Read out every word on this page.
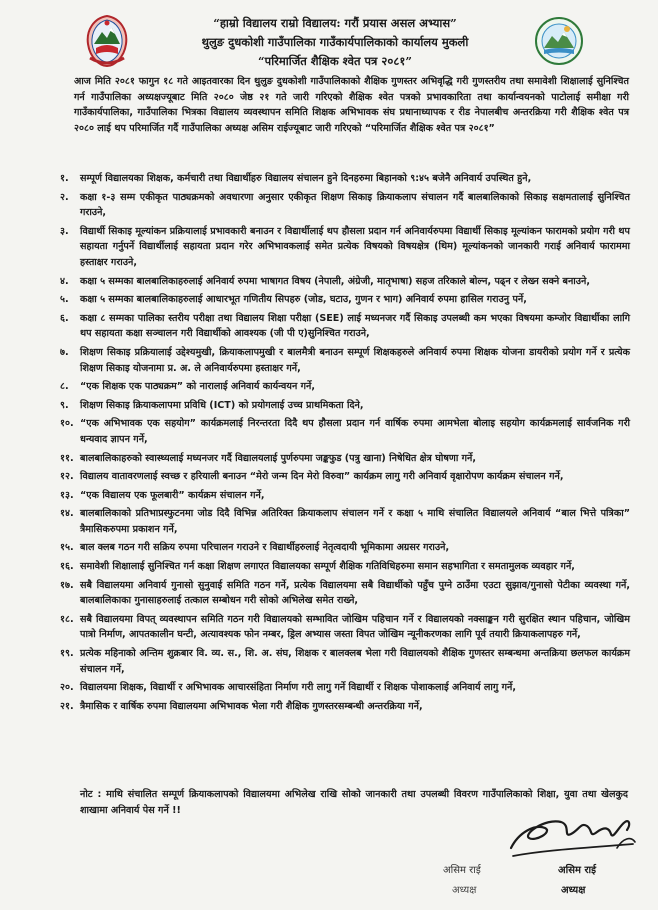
“हाम्रो विद्यालय राम्रो विद्यालय: गरौं प्रयास असल अभ्यास”
थुलुङ दुधकोशी गाउँपालिका गाउँकार्यपालिकाको कार्यालय मुकली
“परिमार्जित शैक्षिक श्वेत पत्र २०८१”
आज मिति २०८१ फागुन १८ गते आइतवारका दिन थुलुङ दुधकोशी गाउँपालिकाको शैक्षिक गुणस्तर अभिवृद्धि गरी गुणस्तरीय तथा समावेशी शिक्षालाई सुनिश्चित गर्न गाउँपालिका अध्यक्षज्यूबाट मिति २०८० जेष्ठ २१ गते जारी गरिएको शैक्षिक श्वेत पत्रको प्रभावकारिता तथा कार्यान्वयनको पाटोलाई समीक्षा गरी गाउँकार्यपालिका, गाउँपालिका भित्रका विद्यालय व्यवस्थापन समिति शिक्षक अभिभावक संघ प्रधानाध्यापक र रीड नेपालबीच अन्तरक्रिया गरी शैक्षिक श्वेत पत्र २०८० लाई थप परिमार्जित गर्दै गाउँपालिका अध्यक्ष असिम राईज्यूबाट जारी गरिएको “परिमार्जित शैक्षिक श्वेत पत्र २०८१”
१.	सम्पूर्ण विद्यालयका शिक्षक, कर्मचारी तथा विद्यार्थीहरु विद्यालय संचालन हुने दिनहरुमा बिहानको ९:४५ बजेनै अनिवार्य उपस्थित हुने,
२.	कक्षा १-३ सम्म एकीकृत पाठ्यक्रमको अवधारणा अनुसार एकीकृत शिक्षण सिकाइ क्रियाकलाप संचालन गर्दै बालबालिकाको सिकाइ सक्षमतालाई सुनिश्चित गराउने,
३.	विद्यार्थी सिकाइ मूल्यांकन प्रक्रियालाई प्रभावकारी बनाउन र विद्यार्थीलाई थप हौसला प्रदान गर्न अनिवार्यरुपमा विद्यार्थी सिकाइ मूल्यांकन फारामको प्रयोग गरी थप सहायता गर्नुपर्ने विद्यार्थीलाई सहायता प्रदान गरेर अभिभावकलाई समेत प्रत्येक विषयको विषयक्षेत्र (थिम) मूल्यांकनको जानकारी गराई अनिवार्य फाराममा हस्ताक्षर गराउने,
४.	कक्षा ५ सम्मका बालबालिकाहरुलाई अनिवार्य रुपमा भाषागत विषय (नेपाली, अंग्रेजी, मातृभाषा) सहज तरिकाले बोल्न, पढ्न र लेख्न सक्ने बनाउने,
५.	कक्षा ५ सम्मका बालबालिकाहरुलाई आधारभूत गणितीय सिपहरु (जोड, घटाउ, गुणन र भाग) अनिवार्य रुपमा हासिल गराउनु पर्ने,
६.	कक्षा ८ सम्मका पालिका स्तरीय परीक्षा तथा विद्यालय शिक्षा परीक्षा (SEE) लाई मध्यनजर गर्दै सिकाइ उपलब्धी कम भएका विषयमा कम्जोर विद्यार्थीका लागि थप सहायता कक्षा सञ्चालन गरी विद्यार्थीको आवश्यक (जी पी ए)सुनिश्चित गराउने,
७.	शिक्षण सिकाइ प्रक्रियालाई उद्देश्यमुखी, क्रियाकलापमुखी र बालमैत्री बनाउन सम्पूर्ण शिक्षकहरुले अनिवार्य रुपमा शिक्षक योजना डायरीको प्रयोग गर्ने र प्रत्येक शिक्षण सिकाइ योजनामा प्र. अ. ले अनिवार्यरुपमा हस्ताक्षर गर्ने,
८.	“एक शिक्षक एक पाठ्यक्रम” को नारालाई अनिवार्य कार्यन्वयन गर्ने,
९.	शिक्षण सिकाइ क्रियाकलापमा प्रविधि (ICT) को प्रयोगलाई उच्च प्राथमिकता दिने,
१०. “एक अभिभावक एक सहयोग” कार्यक्रमलाई निरन्तरता दिदै थप हौसला प्रदान गर्न वार्षिक रुपमा आमभेला बोलाइ सहयोग कार्यक्रमलाई सार्वजनिक गरी धन्यवाद ज्ञापन गर्ने,
११. बालबालिकाहरुको स्वास्थ्यलाई मध्यनजर गर्दै विद्यालयलाई पुर्णरुपमा जङ्कफुड (पत्रु खाना) निषेधित क्षेत्र घोषणा गर्ने,
१२. विद्यालय वातावरणलाई स्वच्छ र हरियाली बनाउन “मेरो जन्म दिन मेरो विरुवा” कार्यक्रम लागु गरी अनिवार्य वृक्षारोपण कार्यक्रम संचालन गर्ने,
१३. “एक विद्यालय एक फूलबारी” कार्यक्रम संचालन गर्ने,
१४. बालबालिकाको प्रतिभाप्रस्फुटनमा जोड दिदै विभिन्न अतिरिक्त क्रियाकलाप संचालन गर्ने र कक्षा ५ माथि संचालित विद्यालयले अनिवार्य “बाल भित्ते पत्रिका” त्रैमासिकरुपमा प्रकाशन गर्ने,
१५. बाल क्लब गठन गरी सक्रिय रुपमा परिचालन गराउने र विद्यार्थीहरुलाई नेतृत्वदायी भूमिकामा अग्रसर गराउने,
१६. समावेशी शिक्षालाई सुनिश्चित गर्न कक्षा शिक्षण लगाएत विद्यालयका सम्पूर्ण शैक्षिक गतिविधिहरुमा समान सहभागिता र समतामुलक व्यवहार गर्ने,
१७. सबै विद्यालयमा अनिवार्य गुनासो सुनुवाई समिति गठन गर्ने, प्रत्येक विद्यालयमा सबै विद्यार्थीको पहुँच पुग्ने ठाउँमा एउटा सुझाव/गुनासो पेटीका व्यवस्था गर्ने, बालबालिकाका गुनासाहरुलाई तत्काल सम्बोधन गरी सोको अभिलेख समेत राख्ने,
१८. सबै विद्यालयमा विपत् व्यवस्थापन समिति गठन गरी विद्यालयको सम्भावित जोखिम पहिचान गर्ने र विद्यालयको नक्साङ्कन गरी सुरक्षित स्थान पहिचान, जोखिम पात्रो निर्माण, आपतकालीन घन्टी, अत्यावश्यक फोन नम्बर, ड्रिल अभ्यास जस्ता विपत जोखिम न्यूनीकरणका लागि पूर्व तयारी क्रियाकलापहरु गर्ने,
१९. प्रत्येक महिनाको अन्तिम शुक्रबार वि. व्य. स., शि. अ. संघ, शिक्षक र बालक्लब भेला गरी विद्यालयको शैक्षिक गुणस्तर सम्बन्धमा अन्तक्रिया छलफल कार्यक्रम संचालन गर्ने,
२०. विद्यालयमा शिक्षक, विद्यार्थी र अभिभावक आचारसंहिता निर्माण गरी लागु गर्ने विद्यार्थी र शिक्षक पोशाकलाई अनिवार्य लागु गर्ने,
२१. त्रैमासिक र वार्षिक रुपमा विद्यालयमा अभिभावक भेला गरी शैक्षिक गुणस्तरसम्बन्धी अन्तरक्रिया गर्ने,
नोट : माथि संचालित सम्पूर्ण क्रियाकलापको विद्यालयमा अभिलेख राखि सोको जानकारी तथा उपलब्धी विवरण गाउँपालिकाको शिक्षा, युवा तथा खेलकुद शाखामा अनिवार्य पेस गर्ने !!
असिम राई
अध्यक्ष
असिम राई
अध्यक्ष
